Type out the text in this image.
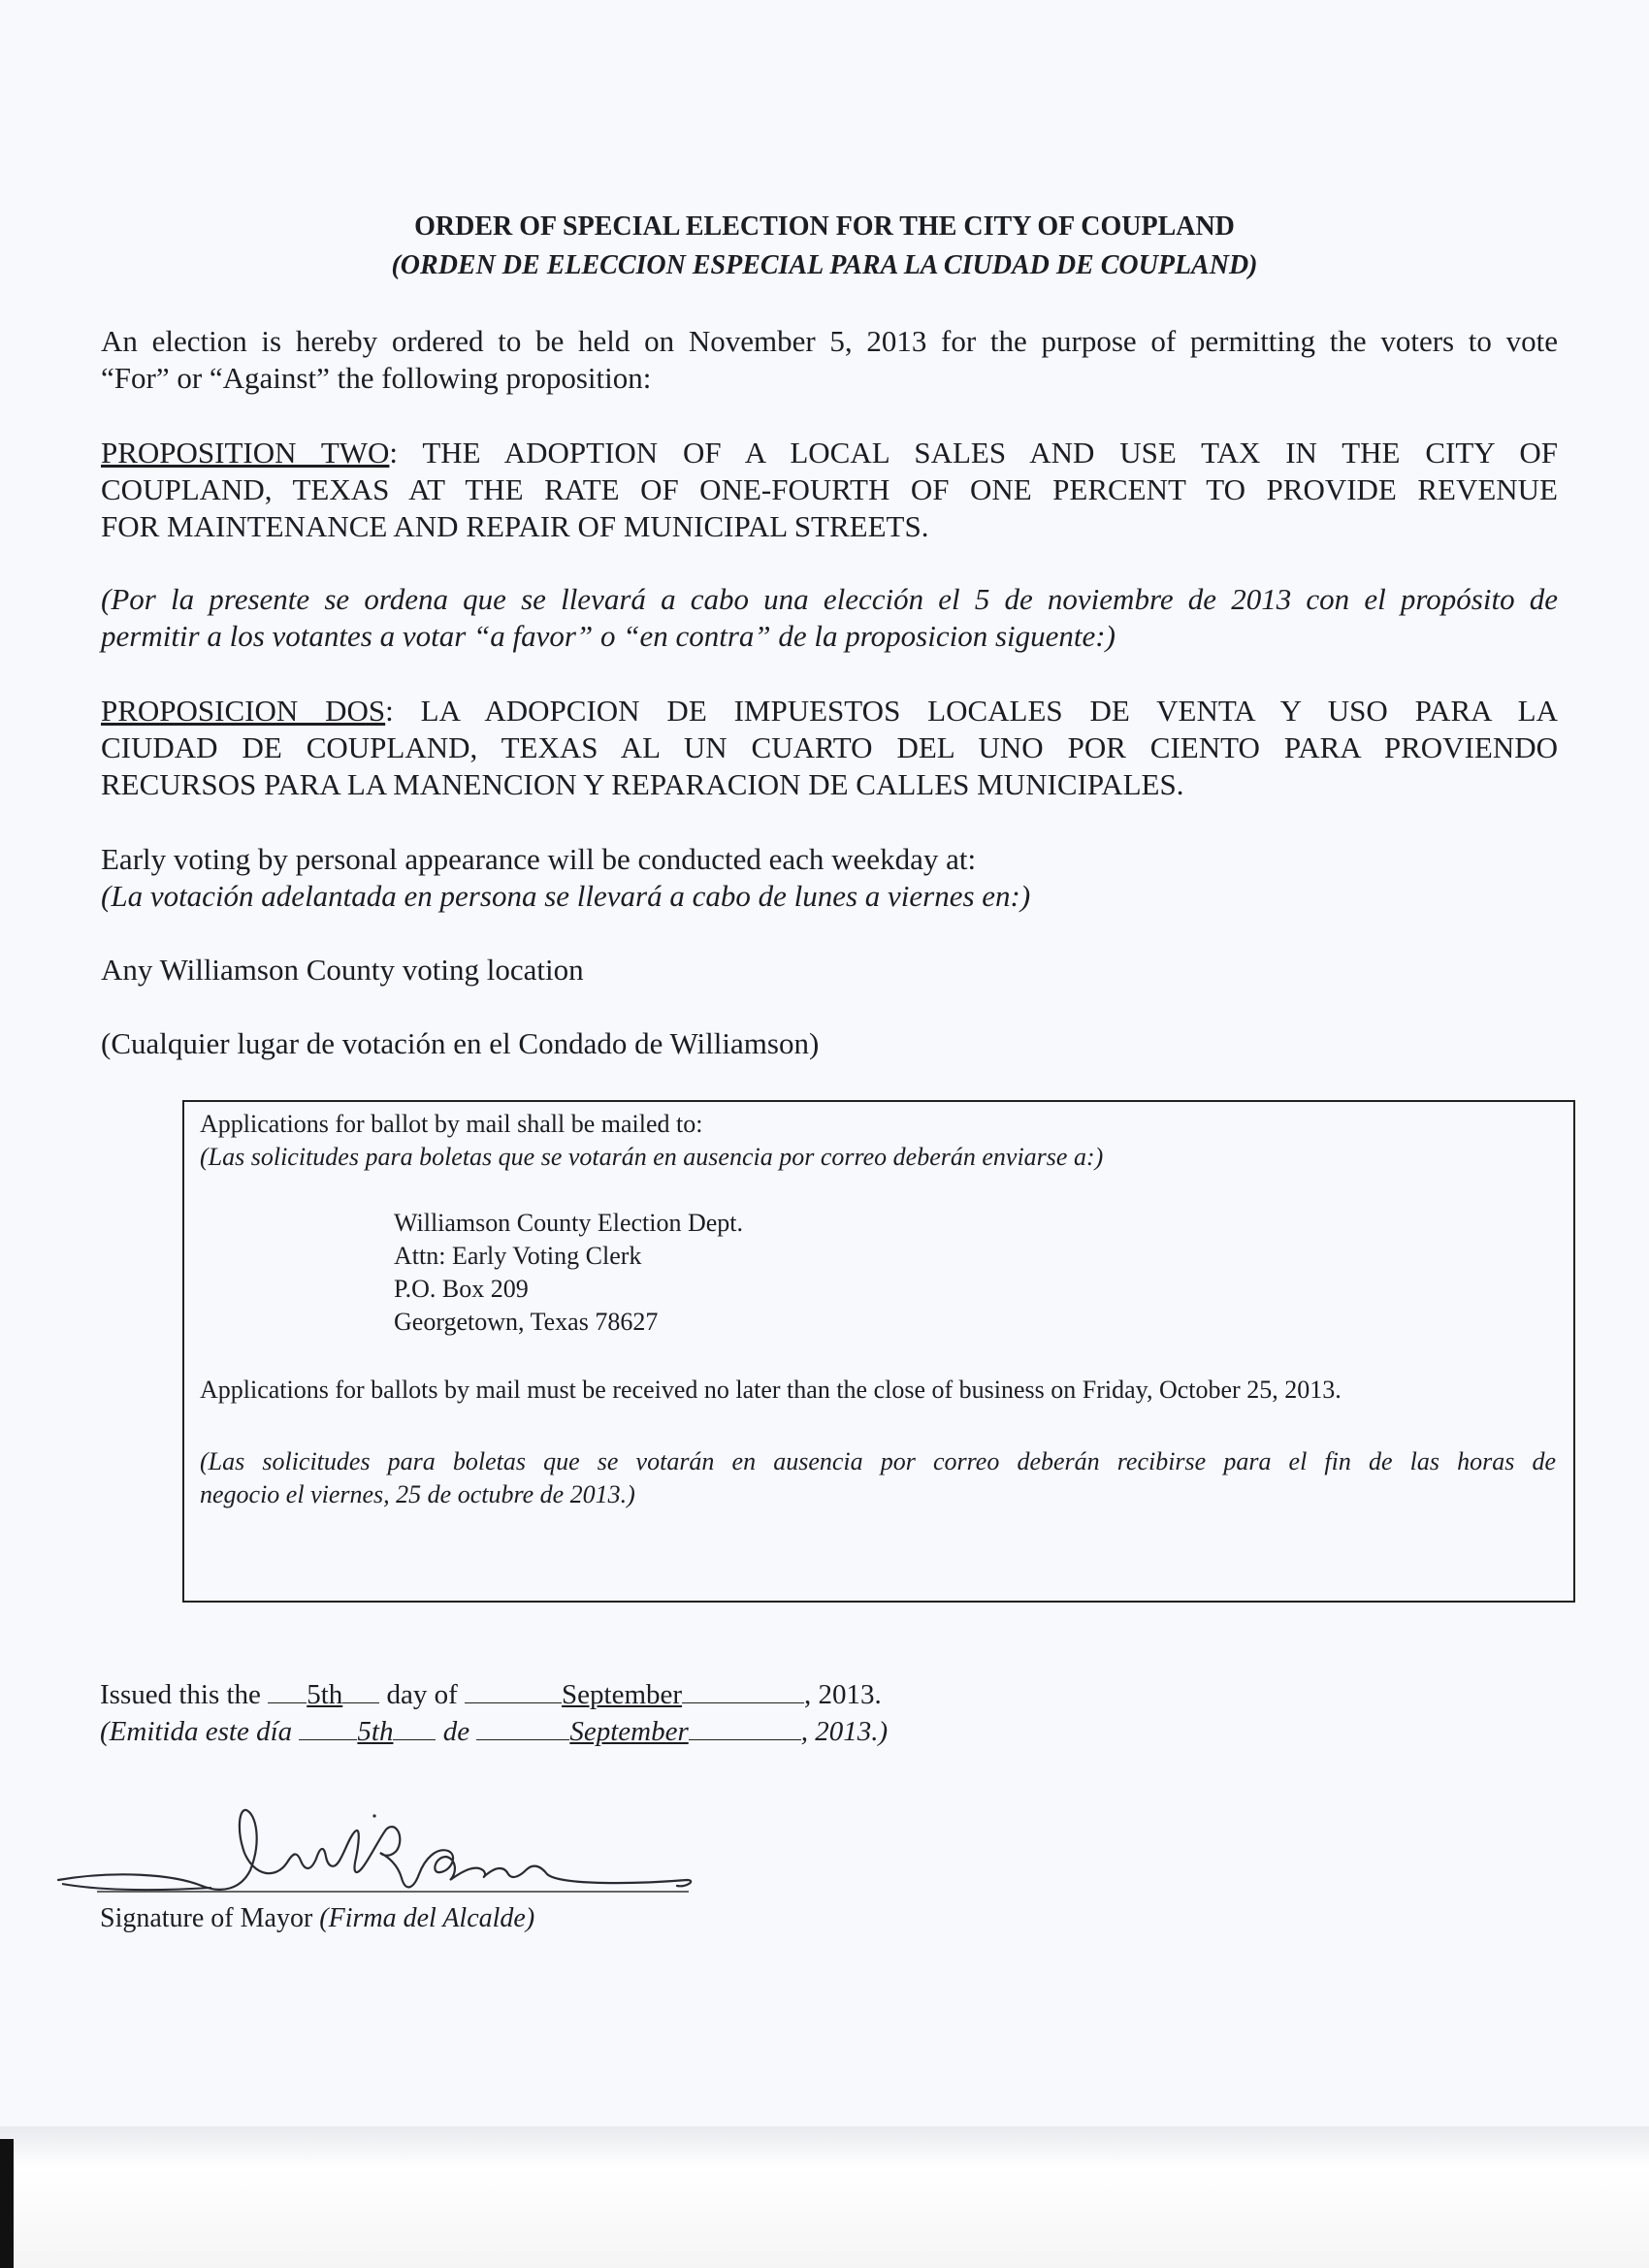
ORDER OF SPECIAL ELECTION FOR THE CITY OF COUPLAND
(ORDEN DE ELECCION ESPECIAL PARA LA CIUDAD DE COUPLAND)
An election is hereby ordered to be held on November 5, 2013 for the purpose of permitting the voters to vote
“For” or “Against” the following proposition:
PROPOSITION TWO: THE ADOPTION OF A LOCAL SALES AND USE TAX IN THE CITY OF
COUPLAND, TEXAS AT THE RATE OF ONE-FOURTH OF ONE PERCENT TO PROVIDE REVENUE
FOR MAINTENANCE AND REPAIR OF MUNICIPAL STREETS.
(Por la presente se ordena que se llevará a cabo una elección el 5 de noviembre de 2013 con el propósito de
permitir a los votantes a votar “a favor” o “en contra” de la proposicion siguente:)
PROPOSICION DOS: LA ADOPCION DE IMPUESTOS LOCALES DE VENTA Y USO PARA LA
CIUDAD DE COUPLAND, TEXAS AL UN CUARTO DEL UNO POR CIENTO PARA PROVIENDO
RECURSOS PARA LA MANENCION Y REPARACION DE CALLES MUNICIPALES.
Early voting by personal appearance will be conducted each weekday at:
(La votación adelantada en persona se llevará a cabo de lunes a viernes en:)
Any Williamson County voting location
(Cualquier lugar de votación en el Condado de Williamson)
Applications for ballot by mail shall be mailed to:
(Las solicitudes para boletas que se votarán en ausencia por correo deberán enviarse a:)
Williamson County Election Dept.
Attn: Early Voting Clerk
P.O. Box 209
Georgetown, Texas 78627
Applications for ballots by mail must be received no later than the close of business on Friday, October 25, 2013.
(Las solicitudes para boletas que se votarán en ausencia por correo deberán recibirse para el fin de las horas de
negocio el viernes, 25 de octubre de 2013.)
Issued this the 5th day of	September	, 2013.
(Emitida este día 5th de	September	, 2013.)
Signature of Mayor (Firma del Alcalde)
